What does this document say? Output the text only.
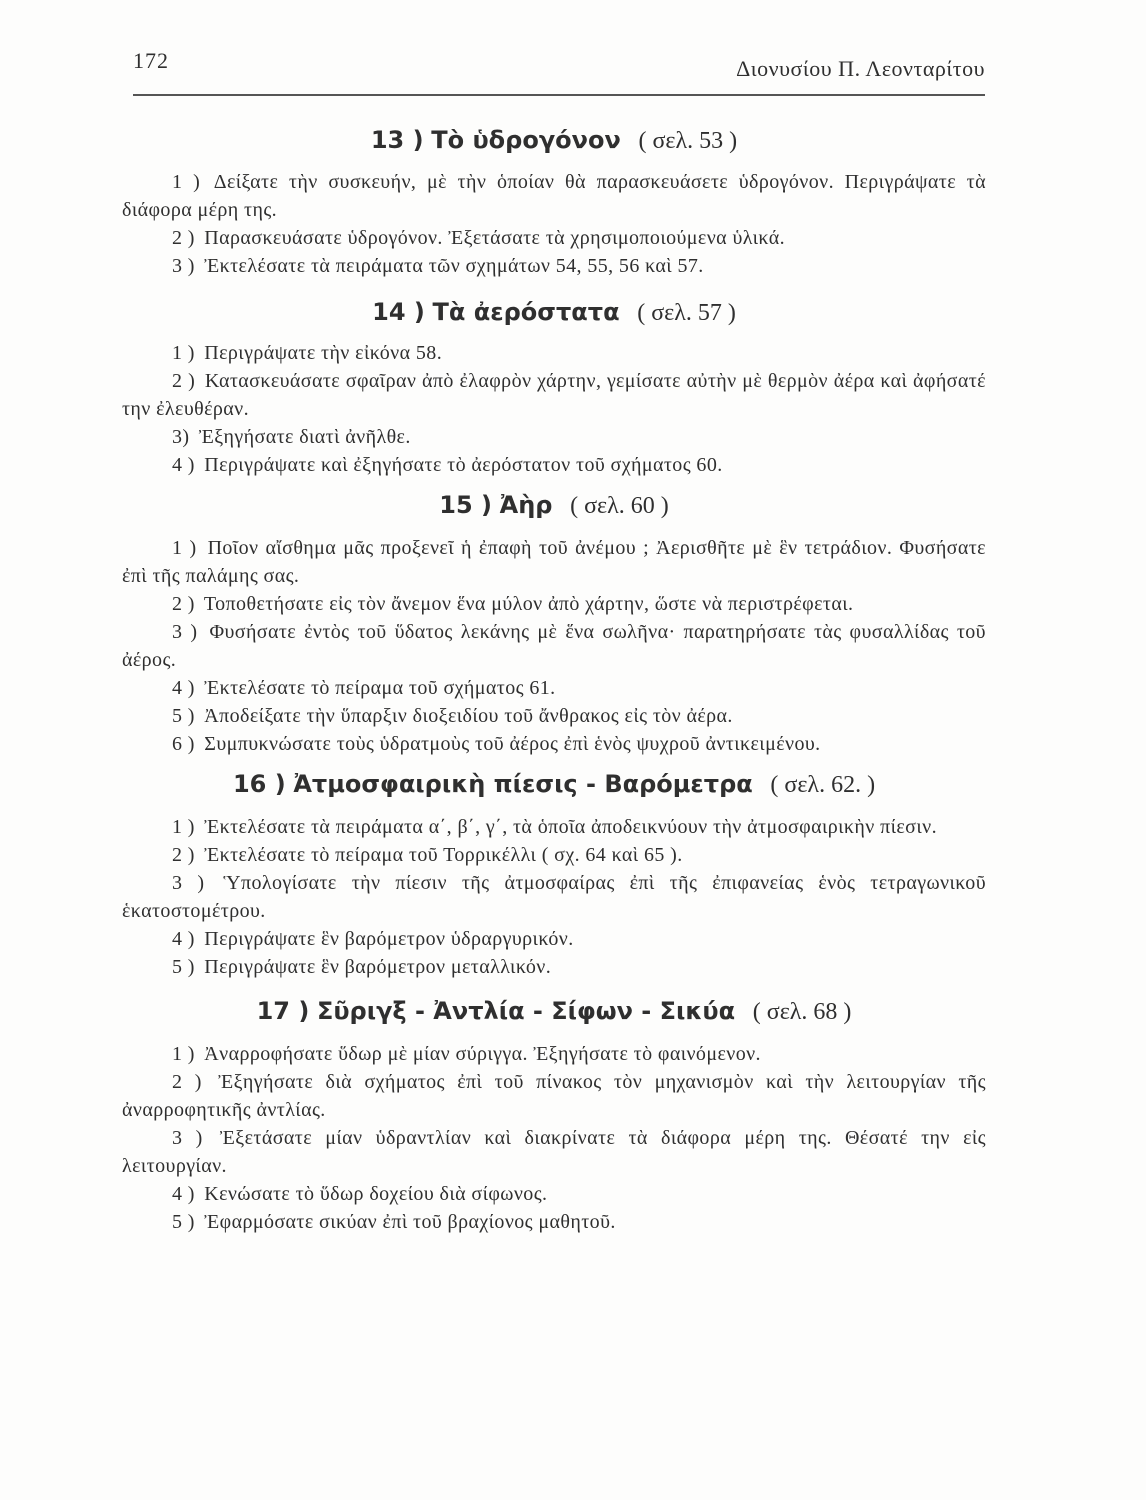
172	Διονυσίου Π. Λεονταρίτου
13 ) Τὸ ὑδρογόνον ( σελ. 53 )
1 ) Δείξατε τὴν συσκευήν, μὲ τὴν ὁποίαν θὰ παρασκευάσετε ὑδρογόνον. Περιγράψατε τὰ διάφορα μέρη της.
2 ) Παρασκευάσατε ὑδρογόνον. Ἐξετάσατε τὰ χρησιμοποιούμενα ὑλικά.
3 ) Ἐκτελέσατε τὰ πειράματα τῶν σχημάτων 54, 55, 56 καὶ 57.
14 ) Τὰ ἀερόστατα ( σελ. 57 )
1 ) Περιγράψατε τὴν εἰκόνα 58.
2 ) Κατασκευάσατε σφαῖραν ἀπὸ ἐλαφρὸν χάρτην, γεμίσατε αὐτὴν μὲ θερμὸν ἀέρα καὶ ἀφήσατέ την ἐλευθέραν.
3) Ἐξηγήσατε διατὶ ἀνῆλθε.
4 ) Περιγράψατε καὶ ἐξηγήσατε τὸ ἀερόστατον τοῦ σχήματος 60.
15 ) Ἀὴρ ( σελ. 60 )
1 ) Ποῖον αἴσθημα μᾶς προξενεῖ ἡ ἐπαφὴ τοῦ ἀνέμου ; Ἀερισθῆτε μὲ ἓν τετράδιον. Φυσήσατε ἐπὶ τῆς παλάμης σας.
2 ) Τοποθετήσατε εἰς τὸν ἄνεμον ἕνα μύλον ἀπὸ χάρτην, ὥστε νὰ περιστρέφεται.
3 ) Φυσήσατε ἐντὸς τοῦ ὕδατος λεκάνης μὲ ἕνα σωλῆνα· παρατηρήσατε τὰς φυσαλλίδας τοῦ ἀέρος.
4 ) Ἐκτελέσατε τὸ πείραμα τοῦ σχήματος 61.
5 ) Ἀποδείξατε τὴν ὕπαρξιν διοξειδίου τοῦ ἄνθρακος εἰς τὸν ἀέρα.
6 ) Συμπυκνώσατε τοὺς ὑδρατμοὺς τοῦ ἀέρος ἐπὶ ἑνὸς ψυχροῦ ἀντικειμένου.
16 ) Ἀτμοσφαιρικὴ πίεσις - Βαρόμετρα ( σελ. 62. )
1 ) Ἐκτελέσατε τὰ πειράματα α΄, β΄, γ΄, τὰ ὁποῖα ἀποδεικνύουν τὴν ἀτμοσφαιρικὴν πίεσιν.
2 ) Ἐκτελέσατε τὸ πείραμα τοῦ Τορρικέλλι ( σχ. 64 καὶ 65 ).
3 ) Ὑπολογίσατε τὴν πίεσιν τῆς ἀτμοσφαίρας ἐπὶ τῆς ἐπιφανείας ἑνὸς τετραγωνικοῦ ἑκατοστομέτρου.
4 ) Περιγράψατε ἓν βαρόμετρον ὑδραργυρικόν.
5 ) Περιγράψατε ἓν βαρόμετρον μεταλλικόν.
17 ) Σῦριγξ - Ἀντλία - Σίφων - Σικύα ( σελ. 68 )
1 ) Ἀναρροφήσατε ὕδωρ μὲ μίαν σύριγγα. Ἐξηγήσατε τὸ φαινόμενον.
2 ) Ἐξηγήσατε διὰ σχήματος ἐπὶ τοῦ πίνακος τὸν μηχανισμὸν καὶ τὴν λειτουργίαν τῆς ἀναρροφητικῆς ἀντλίας.
3 ) Ἐξετάσατε μίαν ὑδραντλίαν καὶ διακρίνατε τὰ διάφορα μέρη της. Θέσατέ την εἰς λειτουργίαν.
4 ) Κενώσατε τὸ ὕδωρ δοχείου διὰ σίφωνος.
5 ) Ἐφαρμόσατε σικύαν ἐπὶ τοῦ βραχίονος μαθητοῦ.
